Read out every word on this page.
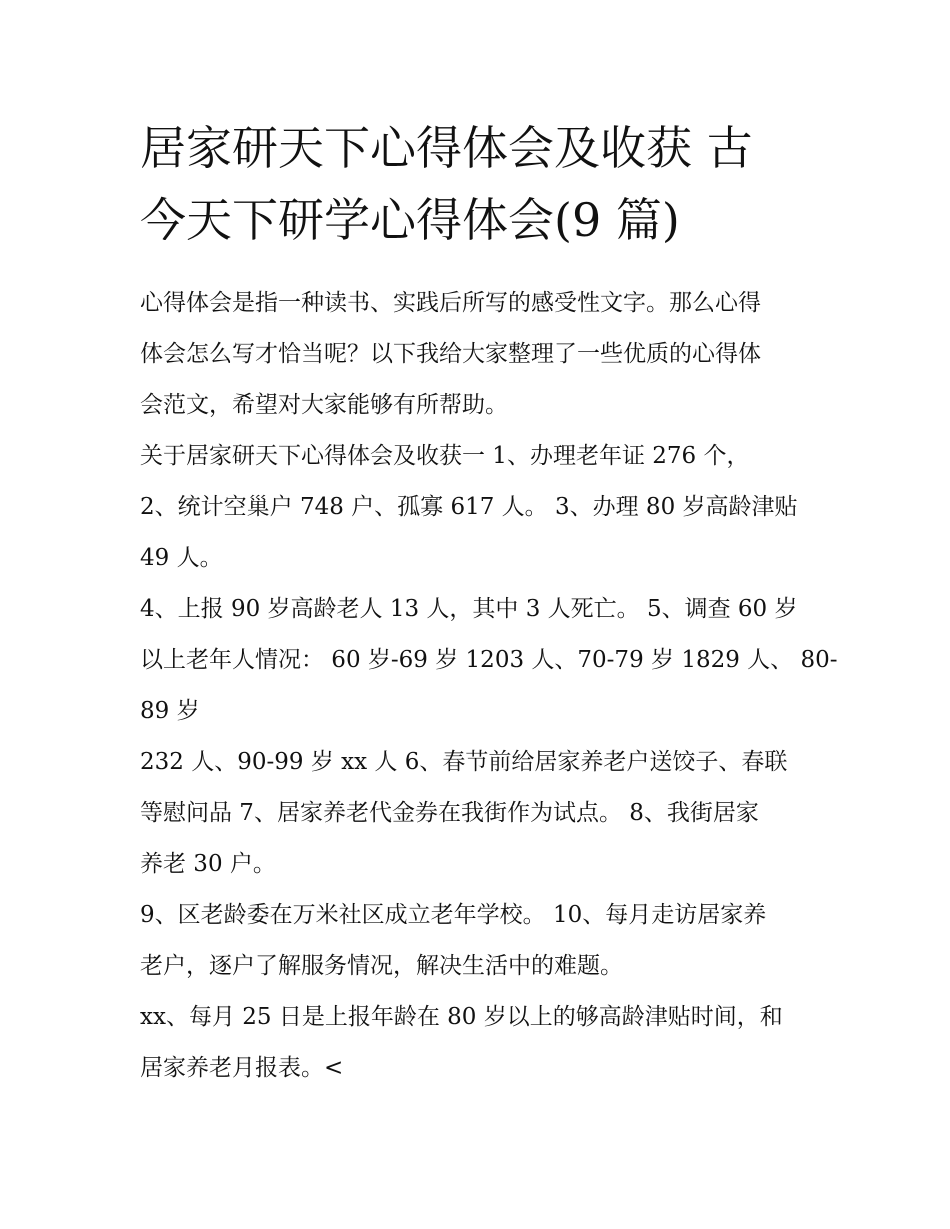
居家研天下心得体会及收获 古
今天下研学心得体会(9 篇)

心得体会是指一种读书、实践后所写的感受性文字。那么心得
体会怎么写才恰当呢？以下我给大家整理了一些优质的心得体
会范文，希望对大家能够有所帮助。

关于居家研天下心得体会及收获一 1、办理老年证 276 个，

2、统计空巢户 748 户、孤寡 617 人。 3、办理 80 岁高龄津贴
49 人。

4、上报 90 岁高龄老人 13 人，其中 3 人死亡。 5、调查 60 岁
以上老年人情况： 60 岁-69 岁 1203 人、70-79 岁 1829 人、 80-
89 岁

232 人、90-99 岁 xx 人 6、春节前给居家养老户送饺子、春联
等慰问品 7、居家养老代金券在我街作为试点。 8、我街居家
养老 30 户。

9、区老龄委在万米社区成立老年学校。 10、每月走访居家养
老户，逐户了解服务情况，解决生活中的难题。

xx、每月 25 日是上报年龄在 80 岁以上的够高龄津贴时间，和
居家养老月报表。<
